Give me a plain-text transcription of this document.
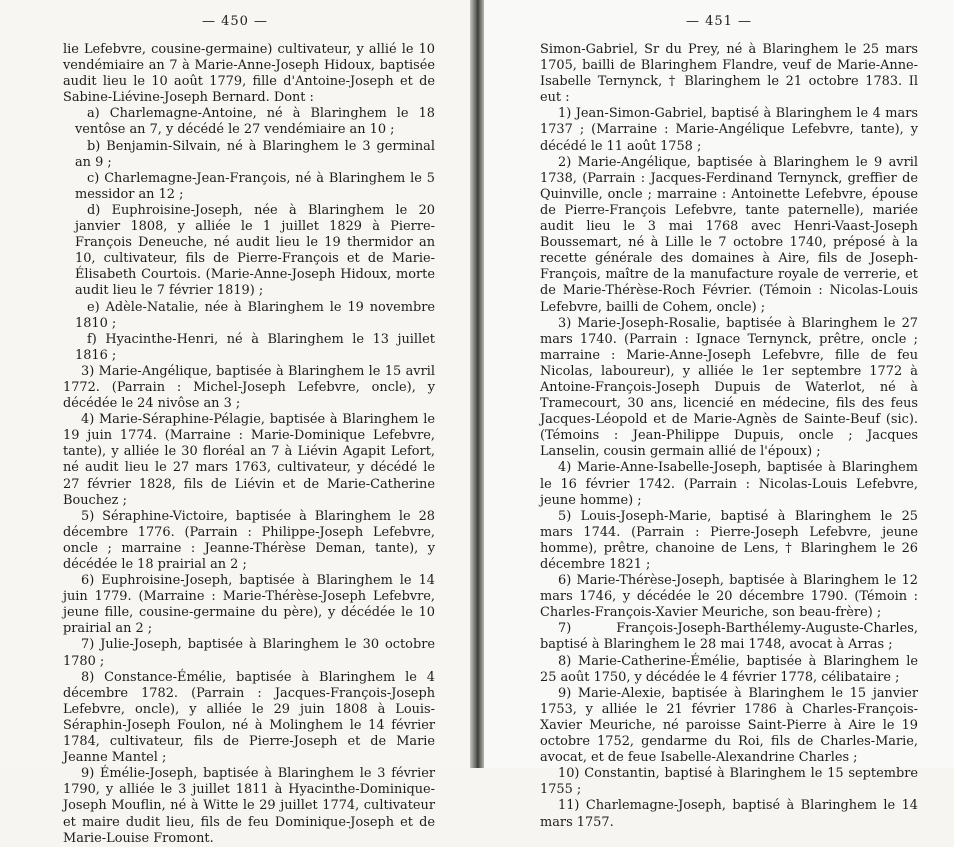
— 450 —

lie Lefebvre, cousine-germaine) cultivateur, y allié le 10 vendémiaire an 7 à Marie-Anne-Joseph Hidoux, baptisée audit lieu le 10 août 1779, fille d'Antoine-Joseph et de Sabine-Liévine-Joseph Bernard. Dont :

a) Charlemagne-Antoine, né à Blaringhem le 18 ventôse an 7, y décédé le 27 vendémiaire an 10 ;

b) Benjamin-Silvain, né à Blaringhem le 3 germinal an 9 ;

c) Charlemagne-Jean-François, né à Blaringhem le 5 messidor an 12 ;

d) Euphroisine-Joseph, née à Blaringhem le 20 janvier 1808, y alliée le 1 juillet 1829 à Pierre-François Deneuche, né audit lieu le 19 thermidor an 10, cultivateur, fils de Pierre-François et de Marie-Élisabeth Courtois. (Marie-Anne-Joseph Hidoux, morte audit lieu le 7 février 1819) ;

e) Adèle-Natalie, née à Blaringhem le 19 novembre 1810 ;

f) Hyacinthe-Henri, né à Blaringhem le 13 juillet 1816 ;

3) Marie-Angélique, baptisée à Blaringhem le 15 avril 1772. (Parrain : Michel-Joseph Lefebvre, oncle), y décédée le 24 nivôse an 3 ;

4) Marie-Séraphine-Pélagie, baptisée à Blaringhem le 19 juin 1774. (Marraine : Marie-Dominique Lefebvre, tante), y alliée le 30 floréal an 7 à Liévin Agapit Lefort, né audit lieu le 27 mars 1763, cultivateur, y décédé le 27 février 1828, fils de Liévin et de Marie-Catherine Bouchez ;

5) Séraphine-Victoire, baptisée à Blaringhem le 28 décembre 1776. (Parrain : Philippe-Joseph Lefebvre, oncle ; marraine : Jeanne-Thérèse Deman, tante), y décédée le 18 prairial an 2 ;

6) Euphroisine-Joseph, baptisée à Blaringhem le 14 juin 1779. (Marraine : Marie-Thérèse-Joseph Lefebvre, jeune fille, cousine-germaine du père), y décédée le 10 prairial an 2 ;

7) Julie-Joseph, baptisée à Blaringhem le 30 octobre 1780 ;

8) Constance-Émélie, baptisée à Blaringhem le 4 décembre 1782. (Parrain : Jacques-François-Joseph Lefebvre, oncle), y alliée le 29 juin 1808 à Louis-Séraphin-Joseph Foulon, né à Molinghem le 14 février 1784, cultivateur, fils de Pierre-Joseph et de Marie Jeanne Mantel ;

9) Émélie-Joseph, baptisée à Blaringhem le 3 février 1790, y alliée le 3 juillet 1811 à Hyacinthe-Dominique-Joseph Mouflin, né à Witte le 29 juillet 1774, cultivateur et maire dudit lieu, fils de feu Dominique-Joseph et de Marie-Louise Fromont.

— 451 —

Simon-Gabriel, Sr du Prey, né à Blaringhem le 25 mars 1705, bailli de Blaringhem Flandre, veuf de Marie-Anne-Isabelle Ternynck, † Blaringhem le 21 octobre 1783. Il eut :

1) Jean-Simon-Gabriel, baptisé à Blaringhem le 4 mars 1737 ; (Marraine : Marie-Angélique Lefebvre, tante), y décédé le 11 août 1758 ;

2) Marie-Angélique, baptisée à Blaringhem le 9 avril 1738, (Parrain : Jacques-Ferdinand Ternynck, greffier de Quinville, oncle ; marraine : Antoinette Lefebvre, épouse de Pierre-François Lefebvre, tante paternelle), mariée audit lieu le 3 mai 1768 avec Henri-Vaast-Joseph Boussemart, né à Lille le 7 octobre 1740, préposé à la recette générale des domaines à Aire, fils de Joseph-François, maître de la manufacture royale de verrerie, et de Marie-Thérèse-Roch Février. (Témoin : Nicolas-Louis Lefebvre, bailli de Cohem, oncle) ;

3) Marie-Joseph-Rosalie, baptisée à Blaringhem le 27 mars 1740. (Parrain : Ignace Ternynck, prêtre, oncle ; marraine : Marie-Anne-Joseph Lefebvre, fille de feu Nicolas, laboureur), y alliée le 1er septembre 1772 à Antoine-François-Joseph Dupuis de Waterlot, né à Tramecourt, 30 ans, licencié en médecine, fils des feus Jacques-Léopold et de Marie-Agnès de Sainte-Beuf (sic). (Témoins : Jean-Philippe Dupuis, oncle ; Jacques Lanselin, cousin germain allié de l'époux) ;

4) Marie-Anne-Isabelle-Joseph, baptisée à Blaringhem le 16 février 1742. (Parrain : Nicolas-Louis Lefebvre, jeune homme) ;

5) Louis-Joseph-Marie, baptisé à Blaringhem le 25 mars 1744. (Parrain : Pierre-Joseph Lefebvre, jeune homme), prêtre, chanoine de Lens, † Blaringhem le 26 décembre 1821 ;

6) Marie-Thérèse-Joseph, baptisée à Blaringhem le 12 mars 1746, y décédée le 20 décembre 1790. (Témoin : Charles-François-Xavier Meuriche, son beau-frère) ;

7) François-Joseph-Barthélemy-Auguste-Charles, baptisé à Blaringhem le 28 mai 1748, avocat à Arras ;

8) Marie-Catherine-Émélie, baptisée à Blaringhem le 25 août 1750, y décédée le 4 février 1778, célibataire ;

9) Marie-Alexie, baptisée à Blaringhem le 15 janvier 1753, y alliée le 21 février 1786 à Charles-François-Xavier Meuriche, né paroisse Saint-Pierre à Aire le 19 octobre 1752, gendarme du Roi, fils de Charles-Marie, avocat, et de feue Isabelle-Alexandrine Charles ;

10) Constantin, baptisé à Blaringhem le 15 septembre 1755 ;

11) Charlemagne-Joseph, baptisé à Blaringhem le 14 mars 1757.
